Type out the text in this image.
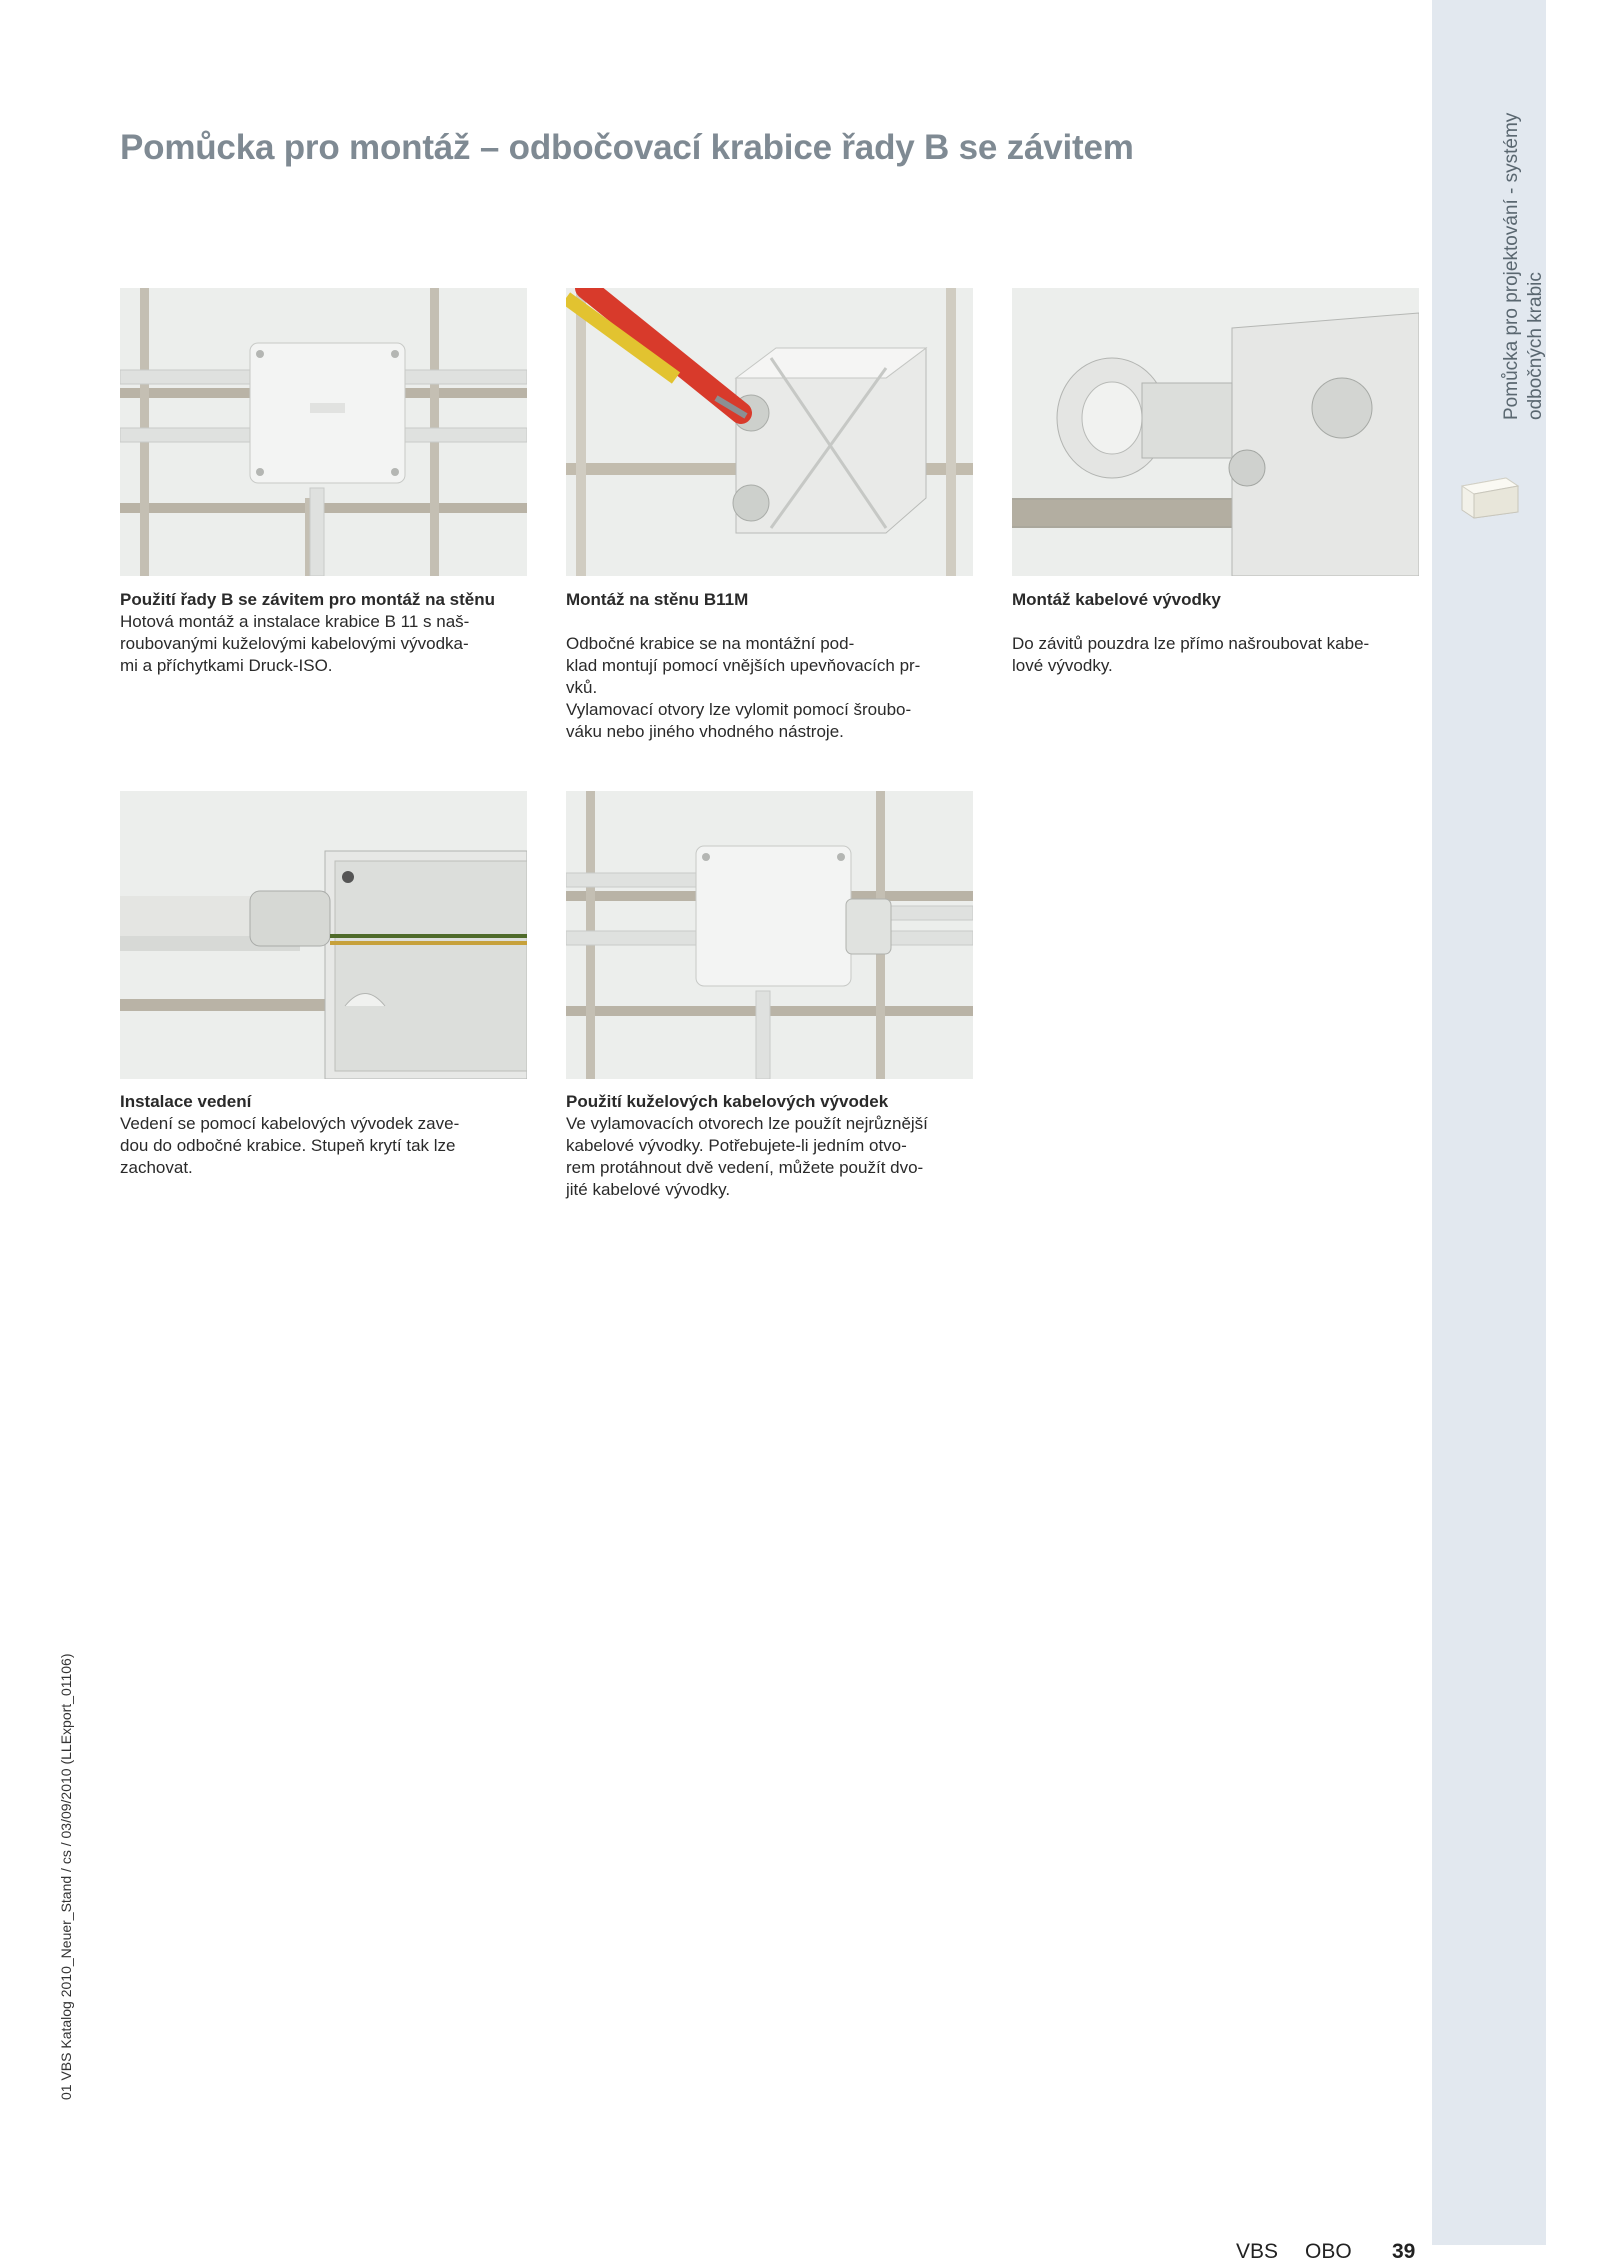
Pomůcka pro projektování - systémy odbočných krabic
Pomůcka pro montáž – odbočovací krabice řady B se závitem

Použití řady B se závitem pro montáž na stěnu

Hotová montáž a instalace krabice B 11 s naš-

roubovanými kuželovými kabelovými vývodka-

mi a příchytkami Druck-ISO.

Montáž na stěnu B11M

Odbočné krabice se na montážní pod-

klad montují pomocí vnějších upevňovacích pr-

vků.

Vylamovací otvory lze vylomit pomocí šroubo-

váku nebo jiného vhodného nástroje.

Montáž kabelové vývodky

Do závitů pouzdra lze přímo našroubovat kabe-

lové vývodky.

Instalace vedení

Vedení se pomocí kabelových vývodek zave-

dou do odbočné krabice. Stupeň krytí tak lze

zachovat.

Použití kuželových kabelových vývodek

Ve vylamovacích otvorech lze použít nejrůznější

kabelové vývodky. Potřebujete-li jedním otvo-

rem protáhnout dvě vedení, můžete použít dvo-

jité kabelové vývodky.

01 VBS Katalog 2010_Neuer_Stand / cs / 03/09/2010 (LLExport_01106)
VBS OBO 39
